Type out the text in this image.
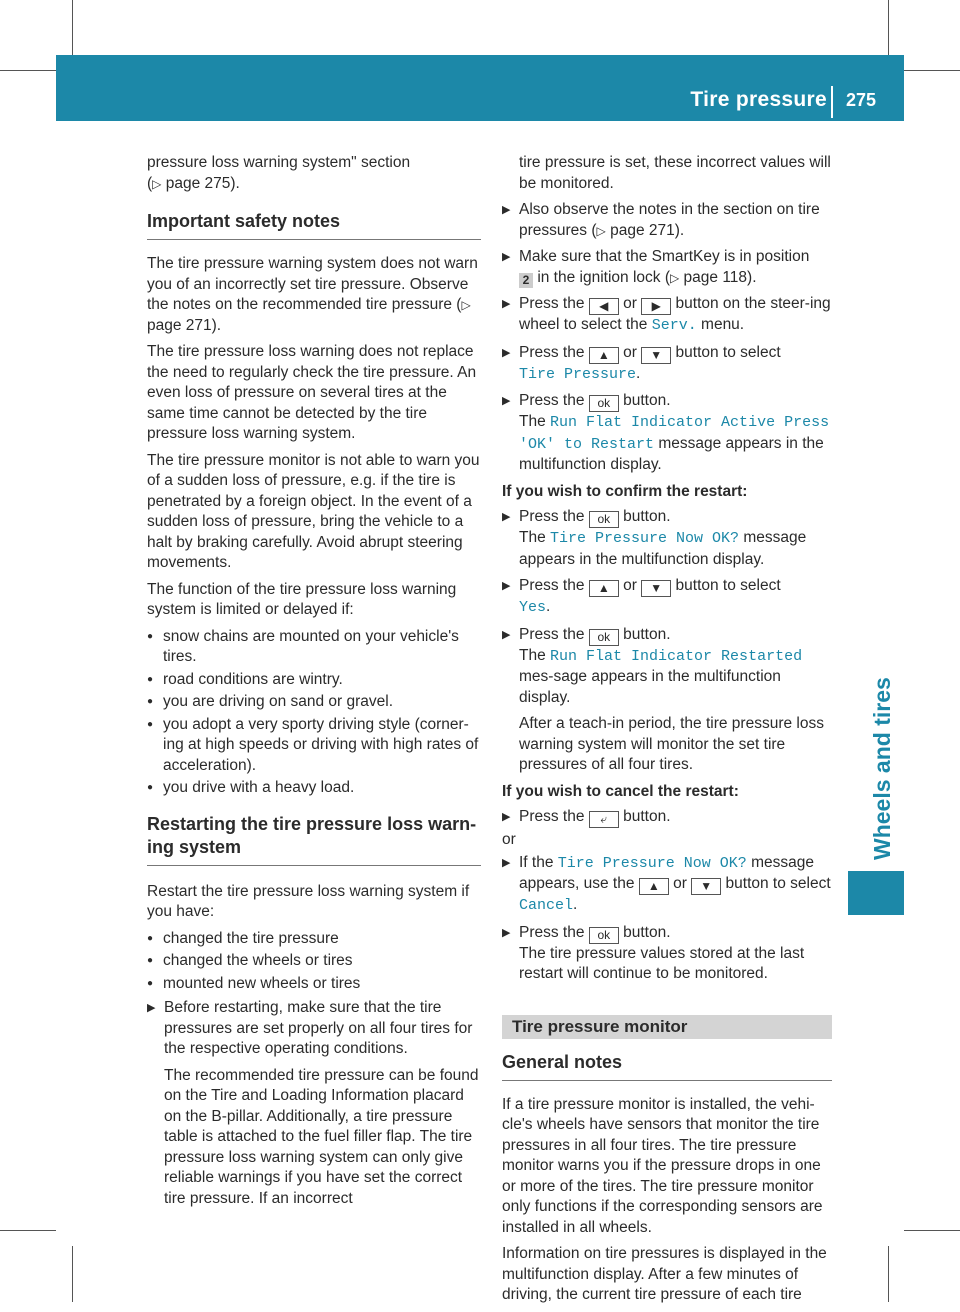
Tire pressure 275
Wheels and tires
pressure loss warning system" section
(▷ page 275).
Important safety notes
The tire pressure warning system does not warn you of an incorrectly set tire pressure. Observe the notes on the recommended tire pressure (▷ page 271).
The tire pressure loss warning does not replace the need to regularly check the tire pressure. An even loss of pressure on several tires at the same time cannot be detected by the tire pressure loss warning system.
The tire pressure monitor is not able to warn you of a sudden loss of pressure, e.g. if the tire is penetrated by a foreign object. In the event of a sudden loss of pressure, bring the vehicle to a halt by braking carefully. Avoid abrupt steering movements.
The function of the tire pressure loss warning system is limited or delayed if:
● snow chains are mounted on your vehicle's tires.
● road conditions are wintry.
● you are driving on sand or gravel.
● you adopt a very sporty driving style (corner-ing at high speeds or driving with high rates of acceleration).
● you drive with a heavy load.
Restarting the tire pressure loss warn-
ing system
Restart the tire pressure loss warning system if you have:
● changed the tire pressure
● changed the wheels or tires
● mounted new wheels or tires
▶ Before restarting, make sure that the tire pressures are set properly on all four tires for the respective operating conditions.
The recommended tire pressure can be found on the Tire and Loading Information placard on the B-pillar. Additionally, a tire pressure table is attached to the fuel filler flap. The tire pressure loss warning system can only give reliable warnings if you have set the correct tire pressure. If an incorrect
tire pressure is set, these incorrect values will be monitored.
▶ Also observe the notes in the section on tire pressures (▷ page 271).
▶ Make sure that the SmartKey is in position
2 in the ignition lock (▷ page 118).
▶ Press the ◀ or ▶ button on the steer-ing wheel to select the Serv. menu.
▶ Press the ▲ or ▼ button to select
Tire Pressure.
▶ Press the ok button.
The Run Flat Indicator Active Press
'OK' to Restart message appears in the multifunction display.
If you wish to confirm the restart:
▶ Press the ok button.
The Tire Pressure Now OK? message appears in the multifunction display.
▶ Press the ▲ or ▼ button to select
Yes.
▶ Press the ok button.
The Run Flat Indicator Restarted mes-sage appears in the multifunction display.
After a teach-in period, the tire pressure loss warning system will monitor the set tire pressures of all four tires.
If you wish to cancel the restart:
▶ Press the ⤶ button.
or
▶ If the Tire Pressure Now OK? message appears, use the ▲ or ▼ button to select Cancel.
▶ Press the ok button.
The tire pressure values stored at the last restart will continue to be monitored.
Tire pressure monitor
General notes
If a tire pressure monitor is installed, the vehi-cle's wheels have sensors that monitor the tire pressures in all four tires. The tire pressure monitor warns you if the pressure drops in one or more of the tires. The tire pressure monitor only functions if the corresponding sensors are installed in all wheels.
Information on tire pressures is displayed in the multifunction display. After a few minutes of driving, the current tire pressure of each tire
